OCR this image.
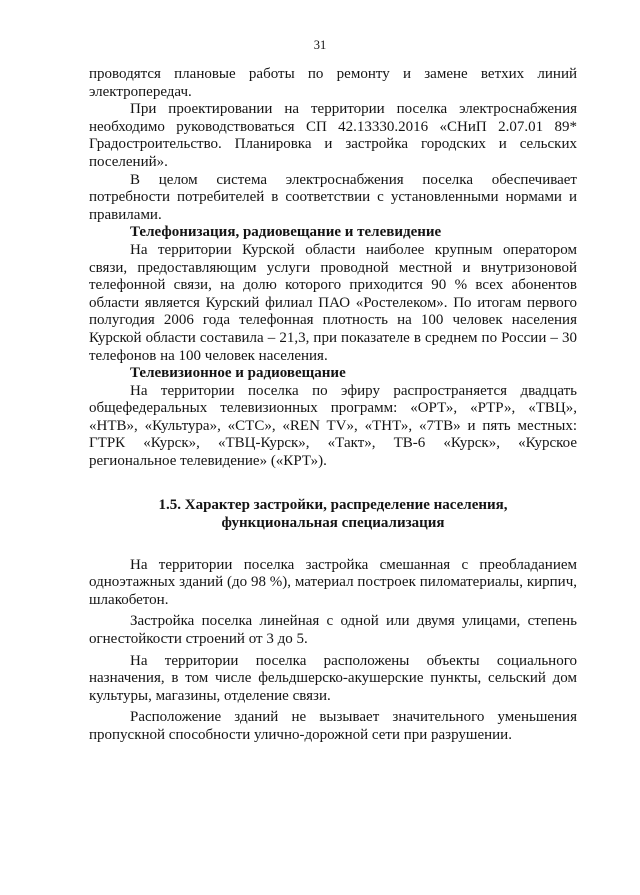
31

проводятся плановые работы по ремонту и замене ветхих линий электропередач.

При проектировании на территории поселка электроснабжения необходимо руководствоваться СП 42.13330.2016 «СНиП 2.07.01 89* Градостроительство. Планировка и застройка городских и сельских поселений».

В целом система электроснабжения поселка обеспечивает потребности потребителей в соответствии с установленными нормами и правилами.

Телефонизация, радиовещание и телевидение

На территории Курской области наиболее крупным оператором связи, предоставляющим услуги проводной местной и внутризоновой телефонной связи, на долю которого приходится 90 % всех абонентов области является Курский филиал ПАО «Ростелеком». По итогам первого полугодия 2006 года телефонная плотность на 100 человек населения Курской области составила – 21,3, при показателе в среднем по России – 30 телефонов на 100 человек населения.

Телевизионное и радиовещание

На территории поселка по эфиру распространяется двадцать общефедеральных телевизионных программ: «ОРТ», «РТР», «ТВЦ», «НТВ», «Культура», «СТС», «REN TV», «ТНТ», «7ТВ» и пять местных: ГТРК «Курск», «ТВЦ-Курск», «Такт», ТВ-6 «Курск», «Курское региональное телевидение» («КРТ»).

1.5. Характер застройки, распределение населения,
функциональная специализация

На территории поселка застройка смешанная с преобладанием одноэтажных зданий (до 98 %), материал построек пиломатериалы, кирпич, шлакобетон.

Застройка поселка линейная с одной или двумя улицами, степень огнестойкости строений от 3 до 5.

На территории поселка расположены объекты социального назначения, в том числе фельдшерско-акушерские пункты, сельский дом культуры, магазины, отделение связи.

Расположение зданий не вызывает значительного уменьшения пропускной способности улично-дорожной сети при разрушении.
